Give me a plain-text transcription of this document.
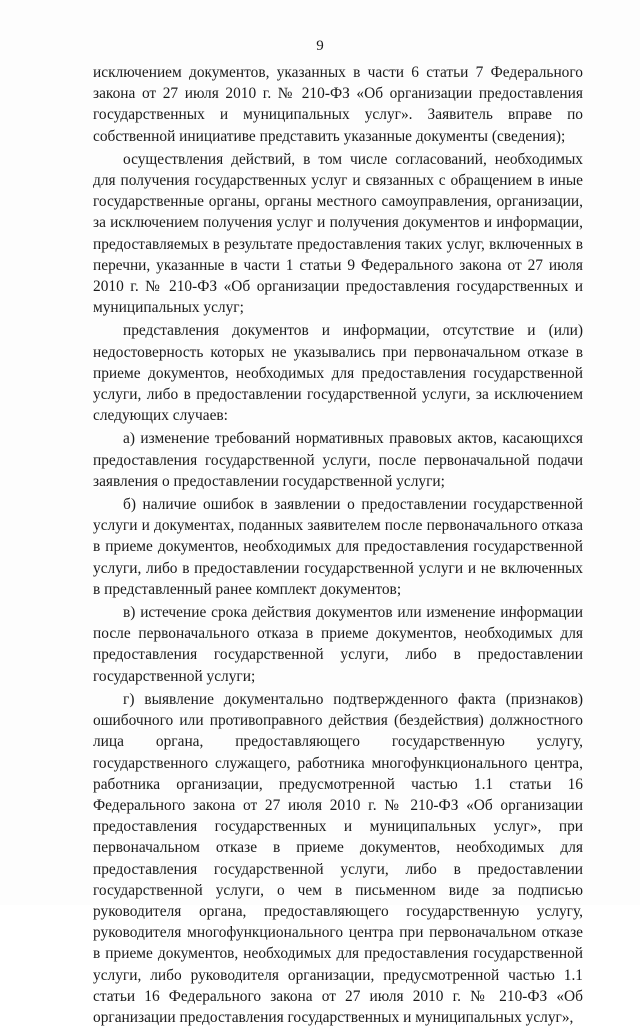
9

исключением документов, указанных в части 6 статьи 7 Федерального закона от 27 июля 2010 г. № 210-ФЗ «Об организации предоставления государственных и муниципальных услуг». Заявитель вправе по собственной инициативе представить указанные документы (сведения);

осуществления действий, в том числе согласований, необходимых для получения государственных услуг и связанных с обращением в иные государственные органы, органы местного самоуправления, организации, за исключением получения услуг и получения документов и информации, предоставляемых в результате предоставления таких услуг, включенных в перечни, указанные в части 1 статьи 9 Федерального закона от 27 июля 2010 г. № 210-ФЗ «Об организации предоставления государственных и муниципальных услуг;

представления документов и информации, отсутствие и (или) недостоверность которых не указывались при первоначальном отказе в приеме документов, необходимых для предоставления государственной услуги, либо в предоставлении государственной услуги, за исключением следующих случаев:

а) изменение требований нормативных правовых актов, касающихся предоставления государственной услуги, после первоначальной подачи заявления о предоставлении государственной услуги;

б) наличие ошибок в заявлении о предоставлении государственной услуги и документах, поданных заявителем после первоначального отказа в приеме документов, необходимых для предоставления государственной услуги, либо в предоставлении государственной услуги и не включенных в представленный ранее комплект документов;

в) истечение срока действия документов или изменение информации после первоначального отказа в приеме документов, необходимых для предоставления государственной услуги, либо в предоставлении государственной услуги;

г) выявление документально подтвержденного факта (признаков) ошибочного или противоправного действия (бездействия) должностного лица органа, предоставляющего государственную услугу, государственного служащего, работника многофункционального центра, работника организации, предусмотренной частью 1.1 статьи 16 Федерального закона от 27 июля 2010 г. № 210-ФЗ «Об организации предоставления государственных и муниципальных услуг», при первоначальном отказе в приеме документов, необходимых для предоставления государственной услуги, либо в предоставлении государственной услуги, о чем в письменном виде за подписью руководителя органа, предоставляющего государственную услугу, руководителя многофункционального центра при первоначальном отказе в приеме документов, необходимых для предоставления государственной услуги, либо руководителя организации, предусмотренной частью 1.1 статьи 16 Федерального закона от 27 июля 2010 г. № 210-ФЗ «Об организации предоставления государственных и муниципальных услуг»,
